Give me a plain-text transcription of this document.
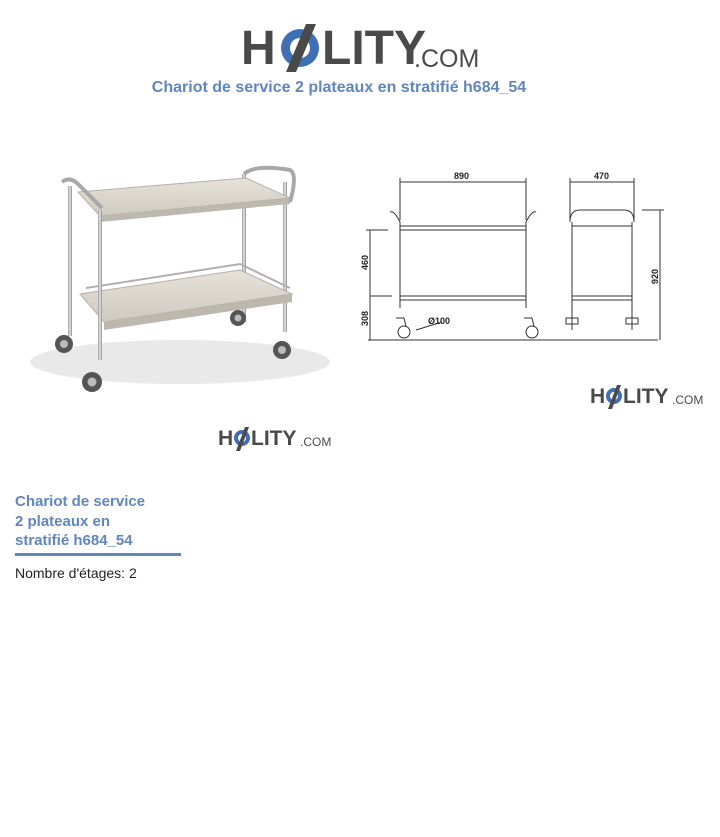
H LITY
.COM
Chariot de service 2 plateaux en stratifié h684_54
H LITY .COM
890	470
460
308
920
Ø100
H LITY .COM
Chariot de service
2 plateaux en
stratifié h684_54
Nombre d'étages: 2
